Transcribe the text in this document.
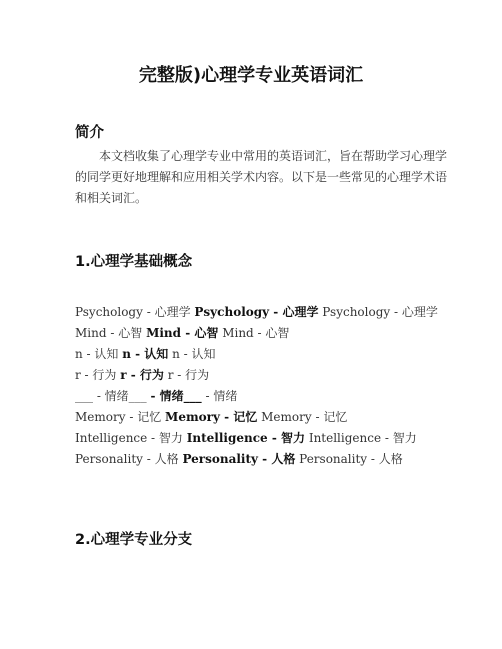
完整版)心理学专业英语词汇
简介

本文档收集了心理学专业中常用的英语词汇，旨在帮助学习心理学的同学更好地理解和应用相关学术内容。以下是一些常见的心理学术语和相关词汇。

1.心理学基础概念
Psychology - 心理学 Psychology - 心理学 Psychology - 心理学
Mind - 心智 Mind - 心智 Mind - 心智
n - 认知 n - 认知 n - 认知
r - 行为 r - 行为 r - 行为
___ - 情绪___ - 情绪___ - 情绪
Memory - 记忆 Memory - 记忆 Memory - 记忆
Intelligence - 智力 Intelligence - 智力 Intelligence - 智力
Personality - 人格 Personality - 人格 Personality - 人格
2.心理学专业分支
